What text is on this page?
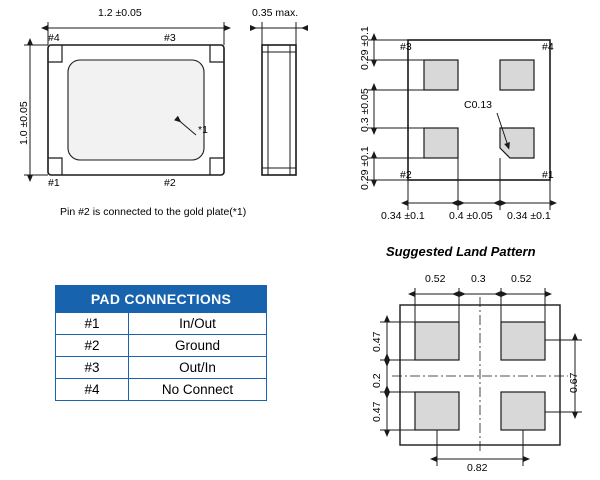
1.2 ±0.05
1.0 ±0.05
#4	#3
#1	#2
*1
Pin #2 is connected to the gold plate(*1)
0.35 max.
#3	#4
#2	#1
C0.13
0.29 ±0.1
0.3 ±0.05
0.29 ±0.1
0.34 ±0.1 0.4 ±0.05 0.34 ±0.1
Suggested Land Pattern
0.52 0.3 0.52
0.47
0.2
0.47
0.67
0.82
PAD CONNECTIONS	
#1	In/Out
#2	Ground
#3	Out/In
#4	No Connect
